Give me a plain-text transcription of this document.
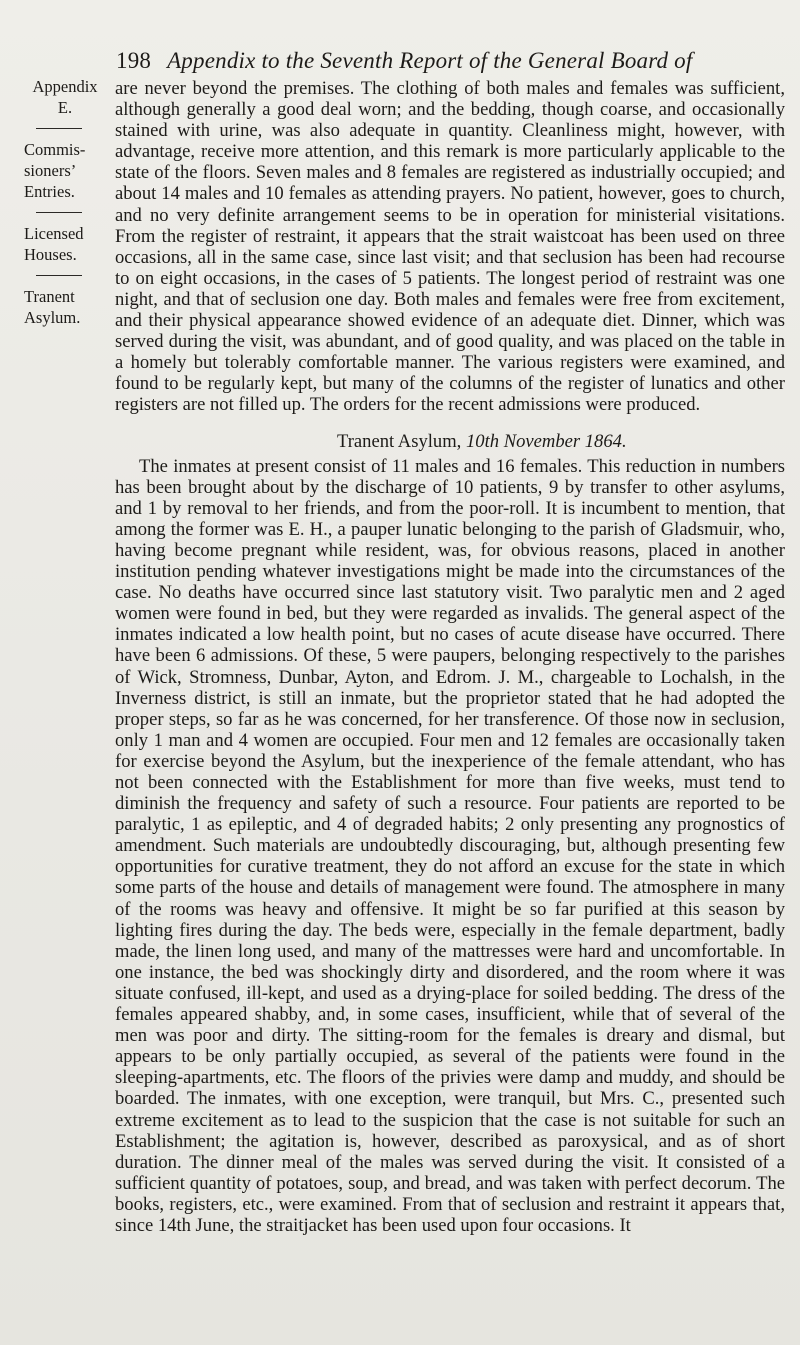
198 Appendix to the Seventh Report of the General Board of
Appendix
E.
Commis-
sioners’
Entries.
Licensed
Houses.
Tranent
Asylum.

are never beyond the premises. The clothing of both males and females was sufficient, although generally a good deal worn; and the bedding, though coarse, and occasionally stained with urine, was also adequate in quantity. Cleanliness might, however, with advantage, receive more attention, and this remark is more particularly applicable to the state of the floors. Seven males and 8 females are registered as industrially occupied; and about 14 males and 10 females as attending prayers. No patient, however, goes to church, and no very definite arrangement seems to be in operation for ministerial visitations. From the register of restraint, it appears that the strait waistcoat has been used on three occasions, all in the same case, since last visit; and that seclusion has been had recourse to on eight occasions, in the cases of 5 patients. The longest period of restraint was one night, and that of seclusion one day. Both males and females were free from excitement, and their physical appearance showed evidence of an adequate diet. Dinner, which was served during the visit, was abundant, and of good quality, and was placed on the table in a homely but tolerably comfortable manner. The various registers were examined, and found to be regularly kept, but many of the columns of the register of lunatics and other registers are not filled up. The orders for the recent admissions were produced.

Tranent Asylum, 10th November 1864.

The inmates at present consist of 11 males and 16 females. This reduction in numbers has been brought about by the discharge of 10 patients, 9 by transfer to other asylums, and 1 by removal to her friends, and from the poor-roll. It is incumbent to mention, that among the former was E. H., a pauper lunatic belonging to the parish of Gladsmuir, who, having become pregnant while resident, was, for obvious reasons, placed in another institution pending whatever investigations might be made into the circumstances of the case. No deaths have occurred since last statutory visit. Two paralytic men and 2 aged women were found in bed, but they were regarded as invalids. The general aspect of the inmates indicated a low health point, but no cases of acute disease have occurred. There have been 6 admissions. Of these, 5 were paupers, belonging respectively to the parishes of Wick, Stromness, Dunbar, Ayton, and Edrom. J. M., chargeable to Lochalsh, in the Inverness district, is still an inmate, but the proprietor stated that he had adopted the proper steps, so far as he was concerned, for her transference. Of those now in seclusion, only 1 man and 4 women are occupied. Four men and 12 females are occasionally taken for exercise beyond the Asylum, but the inexperience of the female attendant, who has not been connected with the Establishment for more than five weeks, must tend to diminish the frequency and safety of such a resource. Four patients are reported to be paralytic, 1 as epileptic, and 4 of degraded habits; 2 only presenting any prognostics of amendment. Such materials are undoubtedly discouraging, but, although presenting few opportunities for curative treatment, they do not afford an excuse for the state in which some parts of the house and details of management were found. The atmosphere in many of the rooms was heavy and offensive. It might be so far purified at this season by lighting fires during the day. The beds were, especially in the female department, badly made, the linen long used, and many of the mattresses were hard and uncomfortable. In one instance, the bed was shockingly dirty and disordered, and the room where it was situate confused, ill-kept, and used as a drying-place for soiled bedding. The dress of the females appeared shabby, and, in some cases, insufficient, while that of several of the men was poor and dirty. The sitting-room for the females is dreary and dismal, but appears to be only partially occupied, as several of the patients were found in the sleeping-apartments, etc. The floors of the privies were damp and muddy, and should be boarded. The inmates, with one exception, were tranquil, but Mrs. C., presented such extreme excitement as to lead to the suspicion that the case is not suitable for such an Establishment; the agitation is, however, described as paroxysical, and as of short duration. The dinner meal of the males was served during the visit. It consisted of a sufficient quantity of potatoes, soup, and bread, and was taken with perfect decorum. The books, registers, etc., were examined. From that of seclusion and restraint it appears that, since 14th June, the straitjacket has been used upon four occasions. It
